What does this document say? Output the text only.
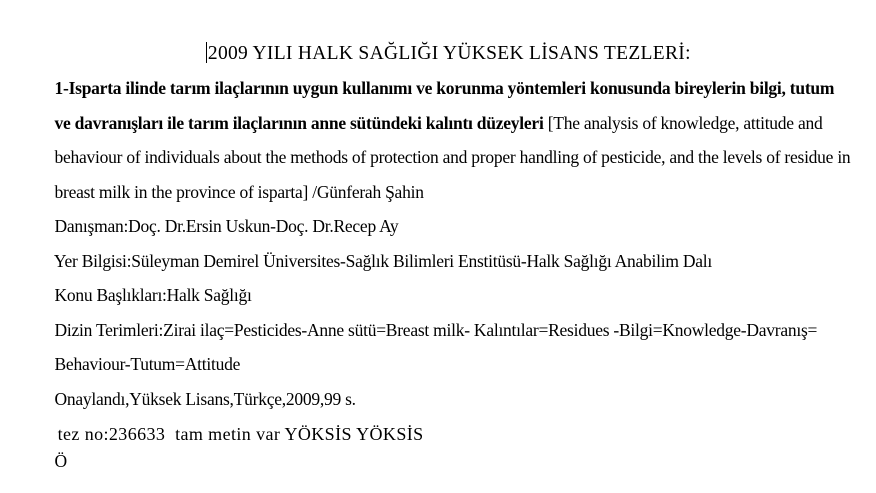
2009 YILI HALK SAĞLIĞI YÜKSEK LİSANS TEZLERİ:

1-Isparta ilinde tarım ilaçlarının uygun kullanımı ve korunma yöntemleri konusunda bireylerin bilgi, tutum

ve davranışları ile tarım ilaçlarının anne sütündeki kalıntı düzeyleri [The analysis of knowledge, attitude and

behaviour of individuals about the methods of protection and proper handling of pesticide, and the levels of residue in

breast milk in the province of isparta] /Günferah Şahin

Danışman:Doç. Dr.Ersin Uskun-Doç. Dr.Recep Ay

Yer Bilgisi:Süleyman Demirel Üniversites-Sağlık Bilimleri Enstitüsü-Halk Sağlığı Anabilim Dalı

Konu Başlıkları:Halk Sağlığı

Dizin Terimleri:Zirai ilaç=Pesticides-Anne sütü=Breast milk- Kalıntılar=Residues -Bilgi=Knowledge-Davranış=

Behaviour-Tutum=Attitude

Onaylandı,Yüksek Lisans,Türkçe,2009,99 s.

tez no:236633  tam metin var YÖKSİS YÖKSİS

Ö
